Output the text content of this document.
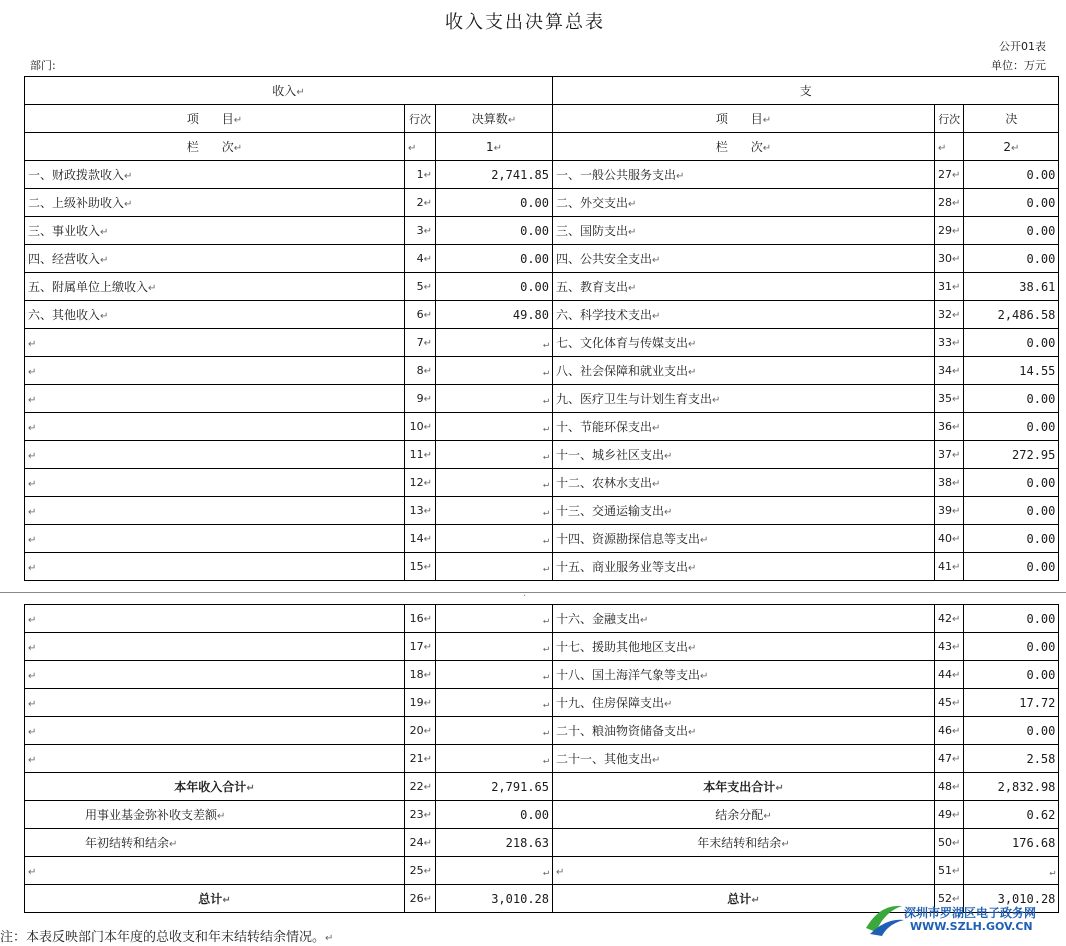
收入支出决算总表
公开01表
部门:	单位：万元
收入↵			支		
项      目↵	行次	决算数↵	项      目↵	行次	决
栏      次↵	↵	1↵	栏      次↵	↵	2↵
一、财政拨款收入↵	1↵	2,741.85	一、一般公共服务支出↵	27↵	0.00
二、上级补助收入↵	2↵	0.00	二、外交支出↵	28↵	0.00
三、事业收入↵	3↵	0.00	三、国防支出↵	29↵	0.00
四、经营收入↵	4↵	0.00	四、公共安全支出↵	30↵	0.00
五、附属单位上缴收入↵	5↵	0.00	五、教育支出↵	31↵	38.61
六、其他收入↵	6↵	49.80	六、科学技术支出↵	32↵	2,486.58
↵	7↵	↵	七、文化体育与传媒支出↵	33↵	0.00
↵	8↵	↵	八、社会保障和就业支出↵	34↵	14.55
↵	9↵	↵	九、医疗卫生与计划生育支出↵	35↵	0.00
↵	10↵	↵	十、节能环保支出↵	36↵	0.00
↵	11↵	↵	十一、城乡社区支出↵	37↵	272.95
↵	12↵	↵	十二、农林水支出↵	38↵	0.00
↵	13↵	↵	十三、交通运输支出↵	39↵	0.00
↵	14↵	↵	十四、资源勘探信息等支出↵	40↵	0.00
↵	15↵	↵	十五、商业服务业等支出↵	41↵	0.00
.
↵	16↵	↵	十六、金融支出↵	42↵	0.00
↵	17↵	↵	十七、援助其他地区支出↵	43↵	0.00
↵	18↵	↵	十八、国土海洋气象等支出↵	44↵	0.00
↵	19↵	↵	十九、住房保障支出↵	45↵	17.72
↵	20↵	↵	二十、粮油物资储备支出↵	46↵	0.00
↵	21↵	↵	二十一、其他支出↵	47↵	2.58
本年收入合计↵	22↵	2,791.65	本年支出合计↵	48↵	2,832.98
用事业基金弥补收支差额↵	23↵	0.00	结余分配↵	49↵	0.62
年初结转和结余↵	24↵	218.63	年末结转和结余↵	50↵	176.68
↵	25↵	↵	↵	51↵	↵
总计↵	26↵	3,010.28	总计↵	52↵	3,010.28
注：本表反映部门本年度的总收支和年末结转结余情况。↵
深圳市罗湖区电子政务网
WWW.SZLH.GOV.CN
